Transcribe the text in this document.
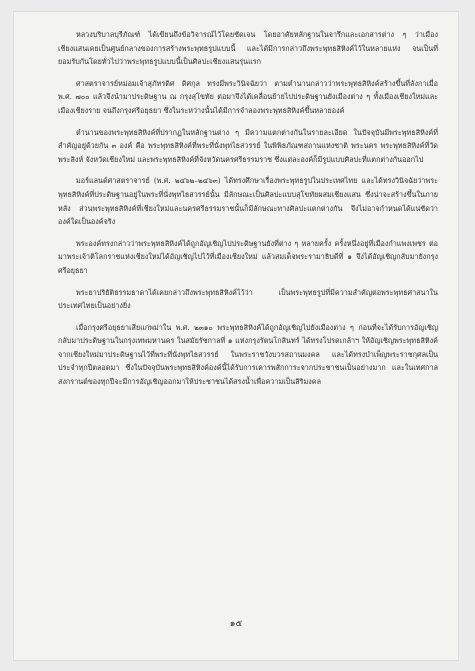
หลวงบริบาลบุรีภัณฑ์ ได้เขียนถึงข้อวิจารณ์ไว้โดยชัดเจน โดยอาศัยหลักฐานในจารึกและเอกสารต่าง ๆ ว่าเมืองเชียงแสนเคยเป็นศูนย์กลางของการสร้างพระพุทธรูปแบบนี้ และได้มีการกล่าวถึงพระพุทธสิหิงค์ไว้ในหลายแห่ง จนเป็นที่ยอมรับกันโดยทั่วไปว่าพระพุทธรูปแบบนี้เป็นศิลปะเชียงแสนรุ่นแรก

ศาสตราจารย์หม่อมเจ้าสุภัทรดิศ ดิศกุล ทรงมีพระวินิจฉัยว่า ตามตำนานกล่าวว่าพระพุทธสิหิงค์สร้างขึ้นที่ลังกาเมื่อ พ.ศ. ๗๐๐ แล้วจึงนำมาประดิษฐาน ณ กรุงสุโขทัย ต่อมาจึงได้เคลื่อนย้ายไปประดิษฐานยังเมืองต่าง ๆ ทั้งเมืองเชียงใหม่และเมืองเชียงราย จนถึงกรุงศรีอยุธยา ซึ่งในระหว่างนั้นได้มีการจำลองพระพุทธสิหิงค์ขึ้นหลายองค์

ตำนานของพระพุทธสิหิงค์ที่ปรากฏในหลักฐานต่าง ๆ มีความแตกต่างกันในรายละเอียด ในปัจจุบันมีพระพุทธสิหิงค์ที่สำคัญอยู่ด้วยกัน ๓ องค์ คือ พระพุทธสิหิงค์ที่พระที่นั่งพุทไธสวรรย์ ในพิพิธภัณฑสถานแห่งชาติ พระนคร พระพุทธสิหิงค์ที่วัดพระสิงห์ จังหวัดเชียงใหม่ และพระพุทธสิหิงค์ที่จังหวัดนครศรีธรรมราช ซึ่งแต่ละองค์ก็มีรูปแบบศิลปะที่แตกต่างกันออกไป

มอร์แลนด์ศาสตราจารย์ (พ.ศ. ๒๔๖๒–๒๔๖๓) ได้ทรงศึกษาเรื่องพระพุทธรูปในประเทศไทย และได้ทรงวินิจฉัยว่าพระพุทธสิหิงค์ที่ประดิษฐานอยู่ในพระที่นั่งพุทไธสวรรย์นั้น มีลักษณะเป็นศิลปะแบบสุโขทัยผสมเชียงแสน ซึ่งน่าจะสร้างขึ้นในภายหลัง ส่วนพระพุทธสิหิงค์ที่เชียงใหม่และนครศรีธรรมราชนั้นก็มีลักษณะทางศิลปะแตกต่างกัน จึงไม่อาจกำหนดได้แน่ชัดว่าองค์ใดเป็นองค์จริง

พระองค์ทรงกล่าวว่าพระพุทธสิหิงค์ได้ถูกอัญเชิญไปประดิษฐานยังที่ต่าง ๆ หลายครั้ง ครั้งหนึ่งอยู่ที่เมืองกำแพงเพชร ต่อมาพระเจ้าติโลกราชแห่งเชียงใหม่ได้อัญเชิญไปไว้ที่เมืองเชียงใหม่ แล้วสมเด็จพระรามาธิบดีที่ ๑ จึงได้อัญเชิญกลับมายังกรุงศรีอยุธยา

พระยาปริยัติธรรมธาดาได้เคยกล่าวถึงพระพุทธสิหิงค์ไว้ว่า เป็นพระพุทธรูปที่มีความสำคัญต่อพระพุทธศาสนาในประเทศไทยเป็นอย่างยิ่ง

เมื่อกรุงศรีอยุธยาเสียแก่พม่าใน พ.ศ. ๒๓๑๐ พระพุทธสิหิงค์ได้ถูกอัญเชิญไปยังเมืองต่าง ๆ ก่อนที่จะได้รับการอัญเชิญกลับมาประดิษฐานในกรุงเทพมหานคร ในสมัยรัชกาลที่ ๑ แห่งกรุงรัตนโกสินทร์ ได้ทรงโปรดเกล้าฯ ให้อัญเชิญพระพุทธสิหิงค์จากเชียงใหม่มาประดิษฐานไว้ที่พระที่นั่งพุทไธสวรรย์ ในพระราชวังบวรสถานมงคล และได้ทรงบำเพ็ญพระราชกุศลเป็นประจำทุกปีตลอดมา ซึ่งในปัจจุบันพระพุทธสิหิงค์องค์นี้ได้รับการเคารพสักการะจากประชาชนเป็นอย่างมาก และในเทศกาลสงกรานต์ของทุกปีจะมีการอัญเชิญออกมาให้ประชาชนได้สรงน้ำเพื่อความเป็นสิริมงคล

๑๕
